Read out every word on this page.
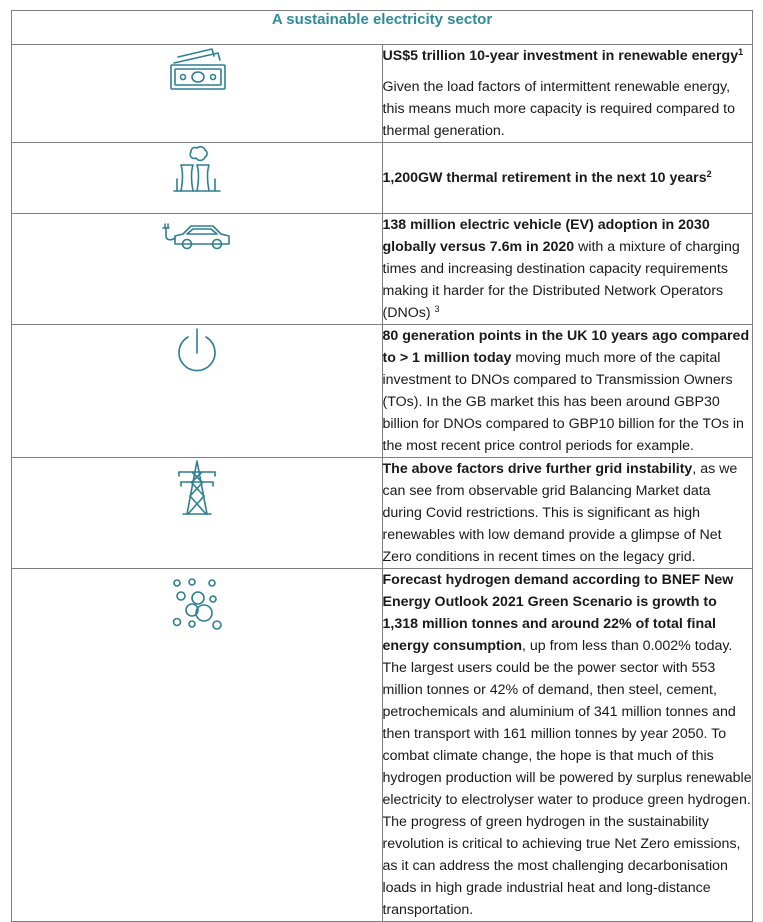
A sustainable electricity sector	

US$5 trillion 10-year investment in renewable energy$^1$

Given the load factors of intermittent renewable energy, this means much more capacity is required compared to thermal generation.

1,200GW thermal retirement in the next 10 years$^2$

138 million electric vehicle (EV) adoption in 2030 globally versus 7.6m in 2020 with a mixture of charging times and increasing destination capacity requirements making it harder for the Distributed Network Operators (DNOs) $^3$

80 generation points in the UK 10 years ago compared to > 1 million today moving much more of the capital investment to DNOs compared to Transmission Owners (TOs). In the GB market this has been around GBP30 billion for DNOs compared to GBP10 billion for the TOs in the most recent price control periods for example.

The above factors drive further grid instability, as we can see from observable grid Balancing Market data during Covid restrictions. This is significant as high renewables with low demand provide a glimpse of Net Zero conditions in recent times on the legacy grid.

Forecast hydrogen demand according to BNEF New Energy Outlook 2021 Green Scenario is growth to 1,318 million tonnes and around 22% of total final energy consumption, up from less than 0.002% today. The largest users could be the power sector with 553 million tonnes or 42% of demand, then steel, cement, petrochemicals and aluminium of 341 million tonnes and then transport with 161 million tonnes by year 2050. To combat climate change, the hope is that much of this hydrogen production will be powered by surplus renewable electricity to electrolyser water to produce green hydrogen. The progress of green hydrogen in the sustainability revolution is critical to achieving true Net Zero emissions, as it can address the most challenging decarbonisation loads in high grade industrial heat and long-distance transportation.
